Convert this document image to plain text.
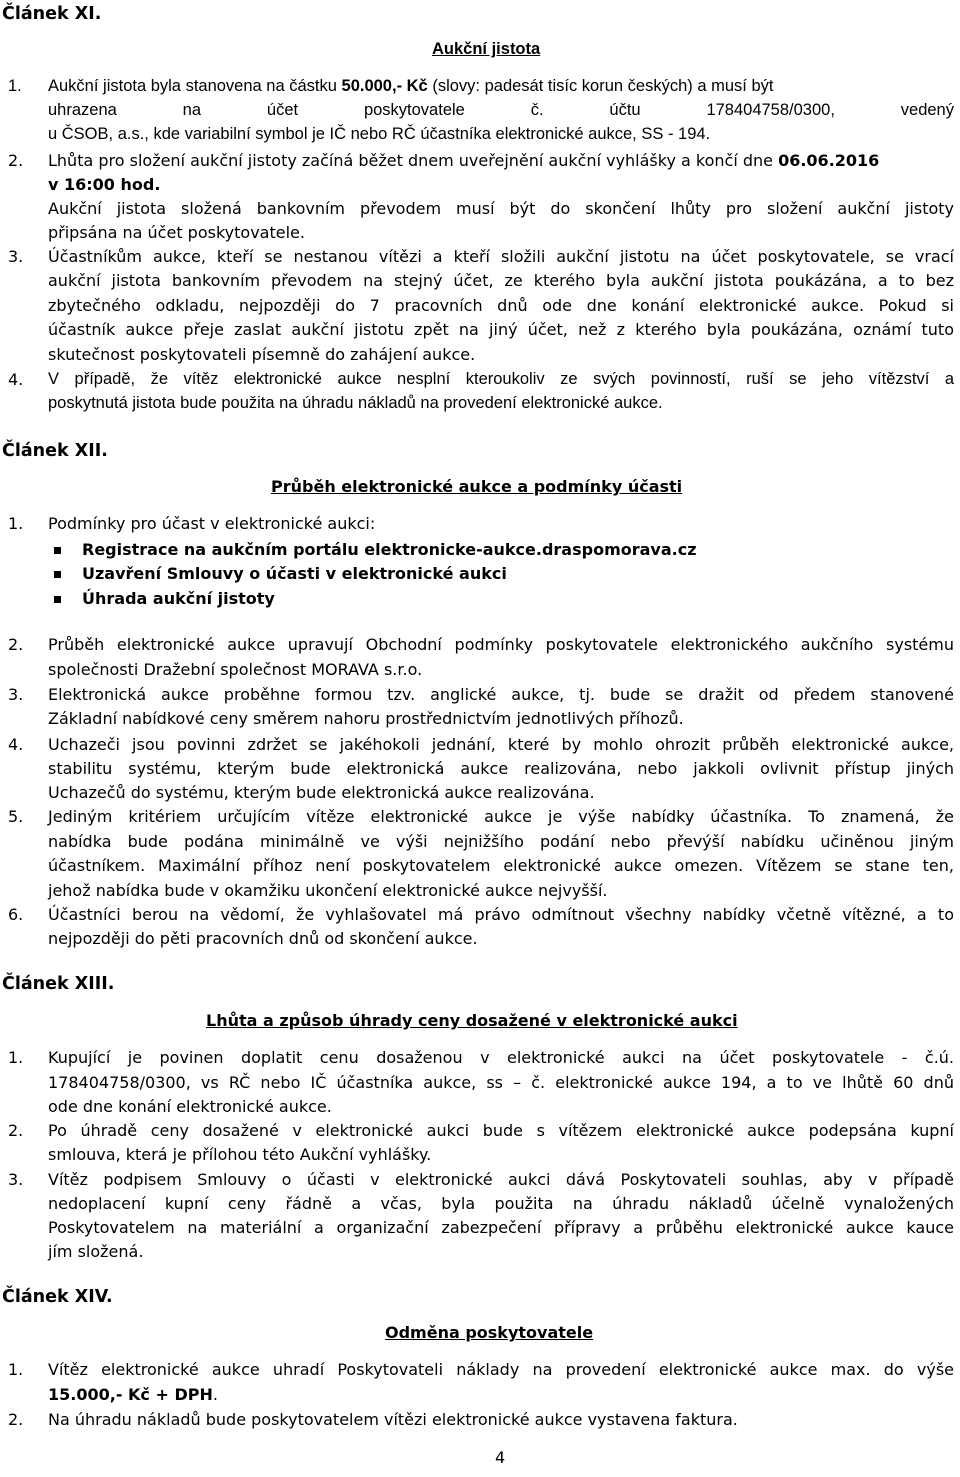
Článek XI.
Aukční jistota
1. Aukční jistota byla stanovena na částku 50.000,- Kč (slovy: padesát tisíc korun českých) a musí být
uhrazena na účet poskytovatele č. účtu 178404758/0300, vedený
u ČSOB, a.s., kde variabilní symbol je IČ nebo RČ účastníka elektronické aukce, SS - 194.
2. Lhůta pro složení aukční jistoty začíná běžet dnem uveřejnění aukční vyhlášky a končí dne 06.06.2016
v 16:00 hod.
Aukční jistota složená bankovním převodem musí být do skončení lhůty pro složení aukční jistoty
připsána na účet poskytovatele.
3. Účastníkům aukce, kteří se nestanou vítězi a kteří složili aukční jistotu na účet poskytovatele, se vrací
aukční jistota bankovním převodem na stejný účet, ze kterého byla aukční jistota poukázána, a to bez
zbytečného odkladu, nejpozději do 7 pracovních dnů ode dne konání elektronické aukce. Pokud si
účastník aukce přeje zaslat aukční jistotu zpět na jiný účet, než z kterého byla poukázána, oznámí tuto
skutečnost poskytovateli písemně do zahájení aukce.
4. V případě, že vítěz elektronické aukce nesplní kteroukoliv ze svých povinností, ruší se jeho vítězství a
poskytnutá jistota bude použita na úhradu nákladů na provedení elektronické aukce.
Článek XII.
Průběh elektronické aukce a podmínky účasti
1. Podmínky pro účast v elektronické aukci:
Registrace na aukčním portálu elektronicke-aukce.draspomorava.cz
Uzavření Smlouvy o účasti v elektronické aukci
Úhrada aukční jistoty
2. Průběh elektronické aukce upravují Obchodní podmínky poskytovatele elektronického aukčního systému
společnosti Dražební společnost MORAVA s.r.o.
3. Elektronická aukce proběhne formou tzv. anglické aukce, tj. bude se dražit od předem stanovené
Základní nabídkové ceny směrem nahoru prostřednictvím jednotlivých příhozů.
4. Uchazeči jsou povinni zdržet se jakéhokoli jednání, které by mohlo ohrozit průběh elektronické aukce,
stabilitu systému, kterým bude elektronická aukce realizována, nebo jakkoli ovlivnit přístup jiných
Uchazečů do systému, kterým bude elektronická aukce realizována.
5. Jediným kritériem určujícím vítěze elektronické aukce je výše nabídky účastníka. To znamená, že
nabídka bude podána minimálně ve výši nejnižšího podání nebo převýší nabídku učiněnou jiným
účastníkem. Maximální příhoz není poskytovatelem elektronické aukce omezen. Vítězem se stane ten,
jehož nabídka bude v okamžiku ukončení elektronické aukce nejvyšší.
6. Účastníci berou na vědomí, že vyhlašovatel má právo odmítnout všechny nabídky včetně vítězné, a to
nejpozději do pěti pracovních dnů od skončení aukce.
Článek XIII.
Lhůta a způsob úhrady ceny dosažené v elektronické aukci
1. Kupující je povinen doplatit cenu dosaženou v elektronické aukci na účet poskytovatele - č.ú.
178404758/0300, vs RČ nebo IČ účastníka aukce, ss – č. elektronické aukce 194, a to ve lhůtě 60 dnů
ode dne konání elektronické aukce.
2. Po úhradě ceny dosažené v elektronické aukci bude s vítězem elektronické aukce podepsána kupní
smlouva, která je přílohou této Aukční vyhlášky.
3. Vítěz podpisem Smlouvy o účasti v elektronické aukci dává Poskytovateli souhlas, aby v případě
nedoplacení kupní ceny řádně a včas, byla použita na úhradu nákladů účelně vynaložených
Poskytovatelem na materiální a organizační zabezpečení přípravy a průběhu elektronické aukce kauce
jím složená.
Článek XIV.
Odměna poskytovatele
1. Vítěz elektronické aukce uhradí Poskytovateli náklady na provedení elektronické aukce max. do výše
15.000,- Kč + DPH.
2. Na úhradu nákladů bude poskytovatelem vítězi elektronické aukce vystavena faktura.
4
